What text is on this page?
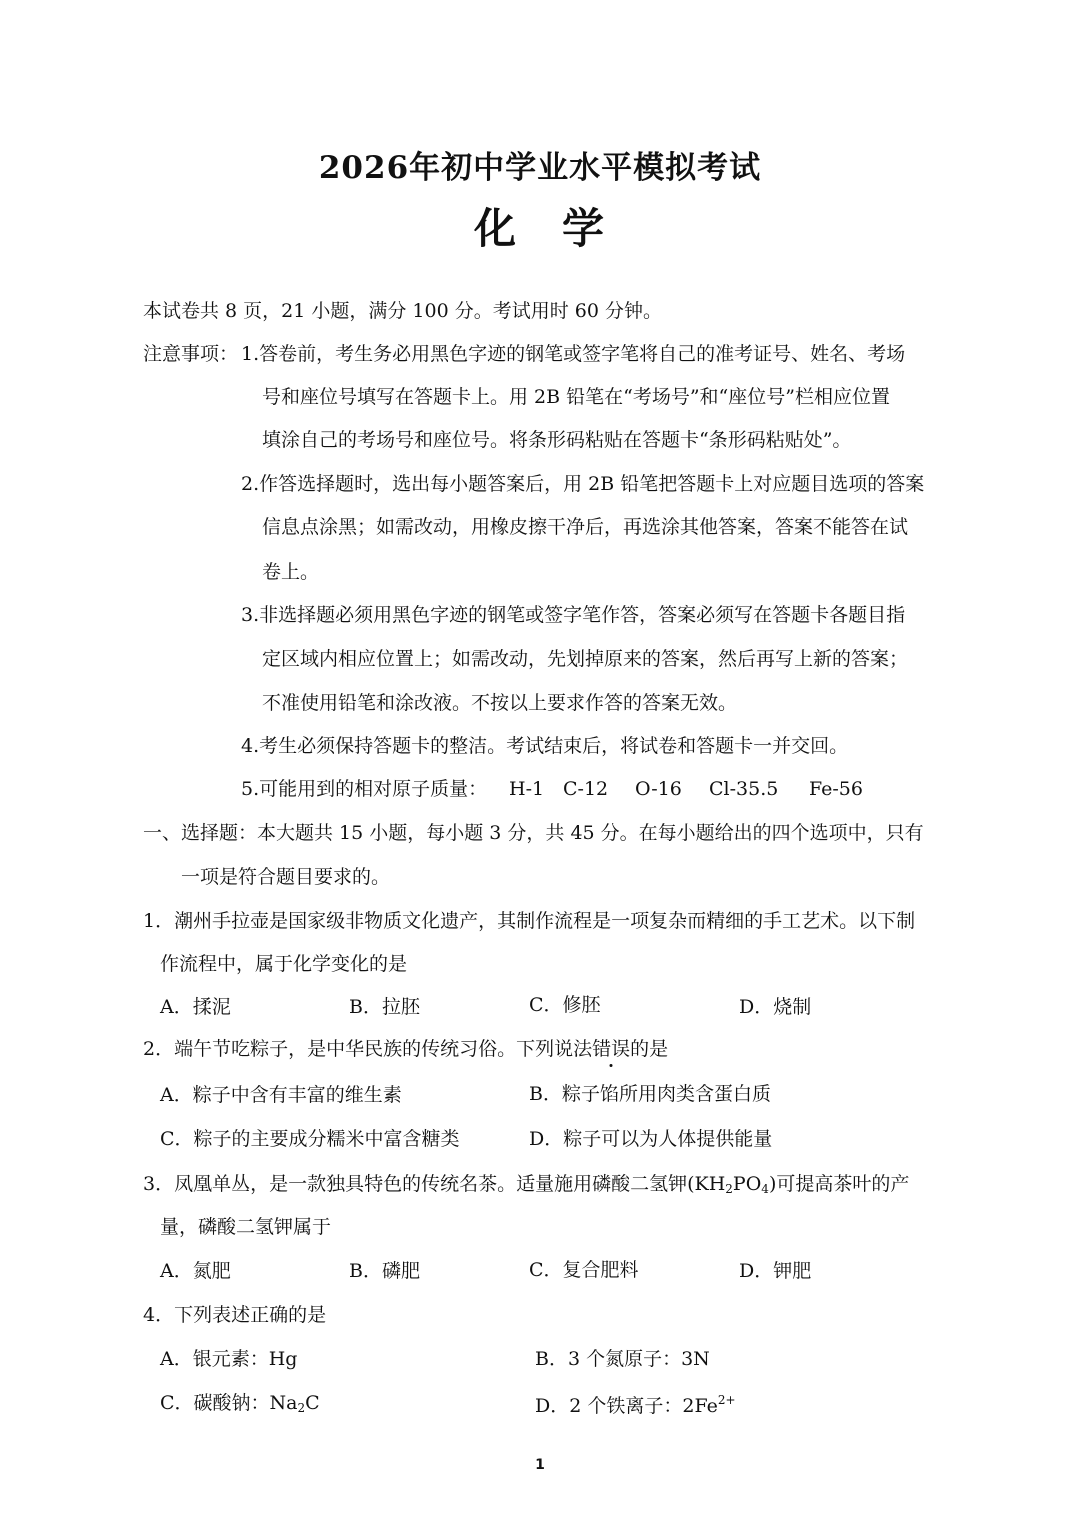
2026年初中学业水平模拟考试
化　学
本试卷共 8 页，21 小题，满分 100 分。考试用时 60 分钟。
注意事项： 1.答卷前，考生务必用黑色字迹的钢笔或签字笔将自己的准考证号、姓名、考场
号和座位号填写在答题卡上。用 2B 铅笔在“考场号”和“座位号”栏相应位置
填涂自己的考场号和座位号。将条形码粘贴在答题卡“条形码粘贴处”。
2.作答选择题时，选出每小题答案后，用 2B 铅笔把答题卡上对应题目选项的答案
信息点涂黑；如需改动，用橡皮擦干净后，再选涂其他答案，答案不能答在试
卷上。
3.非选择题必须用黑色字迹的钢笔或签字笔作答，答案必须写在答题卡各题目指
定区域内相应位置上；如需改动，先划掉原来的答案，然后再写上新的答案；
不准使用铅笔和涂改液。不按以上要求作答的答案无效。
4.考生必须保持答题卡的整洁。考试结束后，将试卷和答题卡一并交回。
5.可能用到的相对原子质量： H-1 C-12 O-16 Cl-35.5 Fe-56
一、选择题：本大题共 15 小题，每小题 3 分，共 45 分。在每小题给出的四个选项中，只有
一项是符合题目要求的。
1．潮州手拉壶是国家级非物质文化遗产，其制作流程是一项复杂而精细的手工艺术。以下制
作流程中，属于化学变化的是
A．揉泥	B．拉胚	C．修胚	D．烧制
2．端午节吃粽子，是中华民族的传统习俗。下列说法错误的是
A．粽子中含有丰富的维生素	B．粽子馅所用肉类含蛋白质
C．粽子的主要成分糯米中富含糖类	D．粽子可以为人体提供能量
3．凤凰单丛，是一款独具特色的传统名茶。适量施用磷酸二氢钾$(KH_2PO_4)$可提高茶叶的产
量，磷酸二氢钾属于
A．氮肥	B．磷肥	C．复合肥料	D．钾肥
4．下列表述正确的是
A．银元素：Hg	B．3 个氮原子：3N
C．碳酸钠：$Na_2C$	D．2 个铁离子：$2Fe^{2+}$
1
